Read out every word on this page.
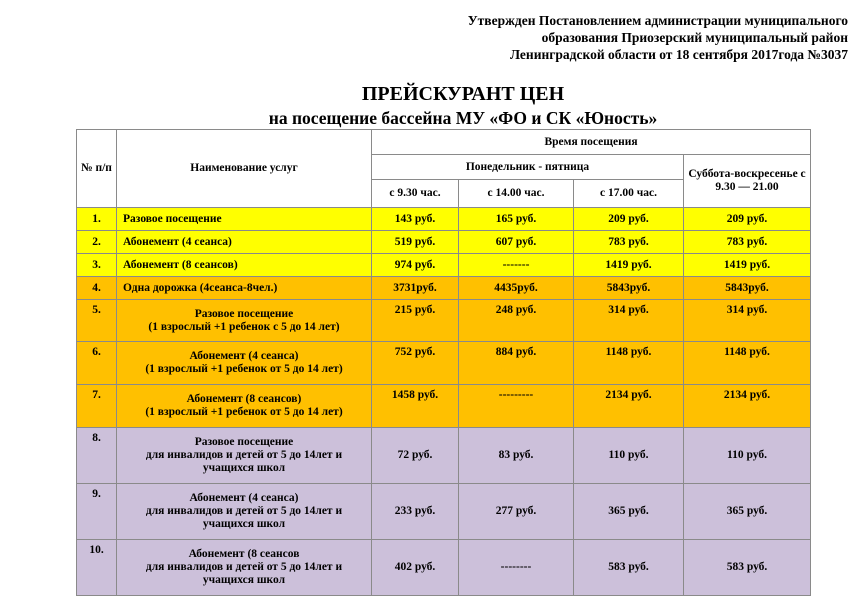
Утвержден Постановлением администрации муниципального
образования Приозерский муниципальный район
Ленинградской области от 18 сентября 2017года №3037
ПРЕЙСКУРАНТ ЦЕН
на посещение бассейна МУ «ФО и СК «Юность»
№ п/п	Наименование услуг	Время посещения			
		Понедельник - пятница			Суббота-воскресенье с 9.30 — 21.00
		с 9.30 час.	с 14.00 час.	с 17.00 час.	
1.	Разовое посещение	143 руб.	165 руб.	209 руб.	209 руб.
2.	Абонемент (4 сеанса)	519 руб.	607 руб.	783 руб.	783 руб.
3.	Абонемент (8 сеансов)	974 руб.	-------	1419 руб.	1419 руб.
4.	Одна дорожка (4сеанса-8чел.)	3731руб.	4435руб.	5843руб.	5843руб.
5.	Разовое посещение
(1 взрослый +1 ребенок с 5 до 14 лет)	215 руб.	248 руб.	314 руб.	314 руб.
6.	Абонемент (4 сеанса)
(1 взрослый +1 ребенок от 5 до 14 лет)	752 руб.	884 руб.	1148 руб.	1148 руб.
7.	Абонемент (8 сеансов)
(1 взрослый +1 ребенок от 5 до 14 лет)	1458 руб.	---------	2134 руб.	2134 руб.
8.	Разовое посещение
для инвалидов и детей от 5 до 14лет и
учащихся школ	72 руб.	83 руб.	110 руб.	110 руб.
9.	Абонемент (4 сеанса)
для инвалидов и детей от 5 до 14лет и
учащихся школ	233 руб.	277 руб.	365 руб.	365 руб.
10.	Абонемент (8 сеансов
для инвалидов и детей от 5 до 14лет и
учащихся школ	402 руб.	--------	583 руб.	583 руб.
